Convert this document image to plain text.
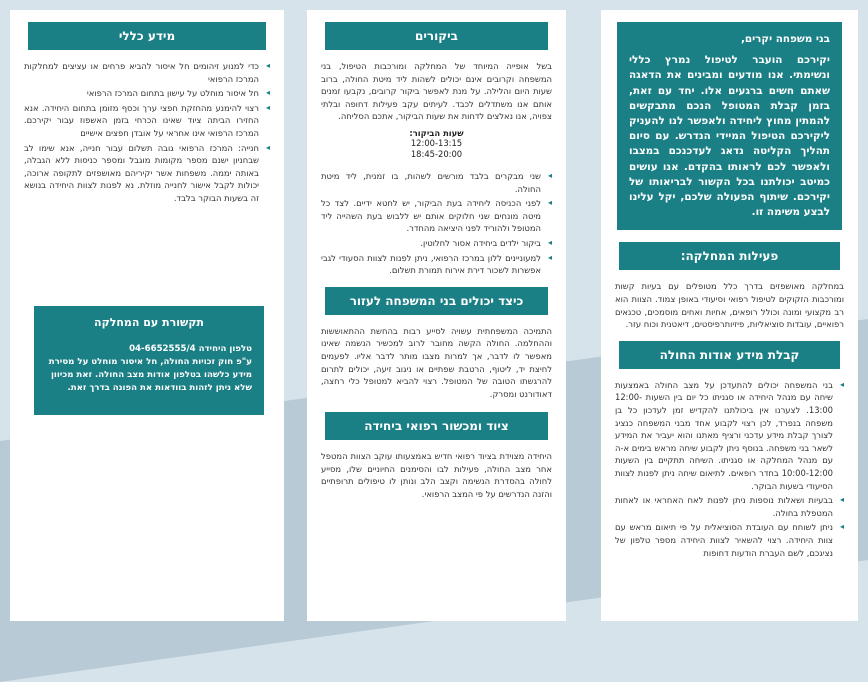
מידע כללי
◂ כדי למנוע זיהומים חל איסור להביא פרחים או עציצים למחלקות המרכז הרפואי
◂ חל איסור מוחלט על עישון בתחום המרכז הרפואי
◂ רצוי להימנע מהחזקת חפצי ערך וכסף מזומן בתחום היחידה. אנא החזירו הביתה ציוד שאינו הכרחי בזמן האשפוז עבור יקירכם. המרכז הרפואי אינו אחראי על אובדן חפצים אישיים
◂ חנייה: המרכז הרפואי גובה תשלום עבור חנייה, אנא שימו לב שבחניון ישנם מספר מקומות מוגבל ומספר כניסות ללא הגבלה, באותה יממה. משפחות אשר יקיריהם מאושפזים לתקופה ארוכה, יכולות לקבל אישור לחנייה מוזלת. נא לפנות לצוות היחידה בנושא זה בשעות הבוקר בלבד.
תקשורת עם המחלקה
טלפון היחידה 04-6652555/4
ע"פ חוק זכויות החולה, חל איסור מוחלט על מסירת מידע כלשהו בטלפון אודות מצב החולה. זאת מכיוון שלא ניתן לזהות בוודאות את הפונה בדרך זאת.
ביקורים
בשל אופייה המיוחד של המחלקה ומורכבות הטיפול, בני המשפחה וקרובים אינם יכולים לשהות ליד מיטת החולה, ברוב שעות היום והלילה. על מנת לאפשר ביקור קרובים, נקבעו זמנים אותם אנו משתדלים לכבד. לעיתים עקב פעילות דחופה ובלתי צפויה, אנו נאלצים לדחות את שעות הביקור, אתכם הסליחה.
שעות הביקור:
12:00-13:15
18:45-20:00
◂ שני מבקרים בלבד מורשים לשהות, בו זמנית, ליד מיטת החולה.
◂ לפני הכניסה ליחידה בעת הביקור, יש לחטא ידיים. לצד כל מיטה מונחים שני חלוקים אותם יש ללבוש בעת השהייה ליד המטופל ולהוריד לפני היציאה מהחדר.
◂ ביקור ילדים ביחידה אסור לחלוטין.
◂ למעוניינים ללון במרכז הרפואי, ניתן לפנות לצוות הסעודי לגבי אפשרות לשכור דירת אירוח תמורת תשלום.
כיצד יכולים בני המשפחה לעזור
התמיכה המשפחתית עשויה לסייע רבות בהחשת ההתאוששות וההחלמה. החולה הקשה מחובר לרוב למכשיר הנשמה שאינו מאפשר לו לדבר, אך למרות מצבו מותר לדבר אליו. לפעמים לחיצת יד, ליטוף, הרטבת שפתיים או ניגוב זיעה, יכולים לתרום להרגשתו הטובה של המטופל. רצוי להביא למטופל כלי רחצה, דאודורנט ומסרק.
ציוד ומכשור רפואי ביחידה
היחידה מצוידת בציוד רפואי חדיש באמצעותו עוקב הצוות המטפל אחר מצב החולה, פעילות לבו והסימנים החיוניים שלו, מסייע לחולה בהסדרת הנשימה וקצב הלב ונותן לו טיפולים תרופתיים והזנה הנדרשים על פי המצב הרפואי.
בני משפחה יקרים,
יקירכם הועבר לטיפול נמרץ כללי ונשימתי. אנו מודעים ומבינים את הדאגה שאתם חשים ברגעים אלו. יחד עם זאת, בזמן קבלת המטופל הנכם מתבקשים להמתין מחוץ ליחידה ולאפשר לנו להעניק ליקירכם הטיפול המיידי הנדרש. עם סיום תהליך הקליטה נדאג לעדכנכם במצבו ולאפשר לכם לראותו בהקדם. אנו עושים כמיטב יכולתנו בכל הקשור לבריאותו של יקירכם. שיתוף הפעולה שלכם, יקל עלינו לבצע משימה זו.
פעילות המחלקה:
במחלקה מאושפזים בדרך כלל מטופלים עם בעיות קשות ומורכבות הזקוקים לטיפול רפואי וסיעודי באופן צמוד. הצוות הוא רב מקצועי ומונה וכולל רופאים, אחיות ואחים מוסמכים, טכנאים רפואיים, עובדות סוציאליות, פיזיותרפיסטים, דיאטנית וכוח עזר.
קבלת מידע אודות החולה
◂ בני המשפחה יכולים להתעדכן על מצב החולה באמצעות שיחה עם מנהל היחידה או סגניתו כל יום בין השעות 12:00-13:00. לצערנו אין ביכולתנו להקדיש זמן לעדכון כל בן משפחה בנפרד, לכן רצוי לקבוע אחד מבני המשפחה כנציג לצורך קבלת מידע עדכני ורציף מאתנו והוא יעביר את המידע לשאר בני משפחה. בנוסף ניתן לקבוע שיחה מראש בימים א-ה עם מנהל המחלקה או סגניתו. השיחה תתקיים בין השעות 10:00-12:00 בחדר רופאים. לתיאום שיחה ניתן לפנות לצוות הסיעודי בשעות הבוקר.
◂ בבעיות ושאלות נוספות ניתן לפנות לאח האחראי או לאחות המטפלת בחולה.
◂ ניתן לשוחח עם העובדת הסוציאלית על פי תיאום מראש עם צוות היחידה. רצוי להשאיר לצוות היחידה מספר טלפון של נציגכם, לשם העברת הודעות דחופות
